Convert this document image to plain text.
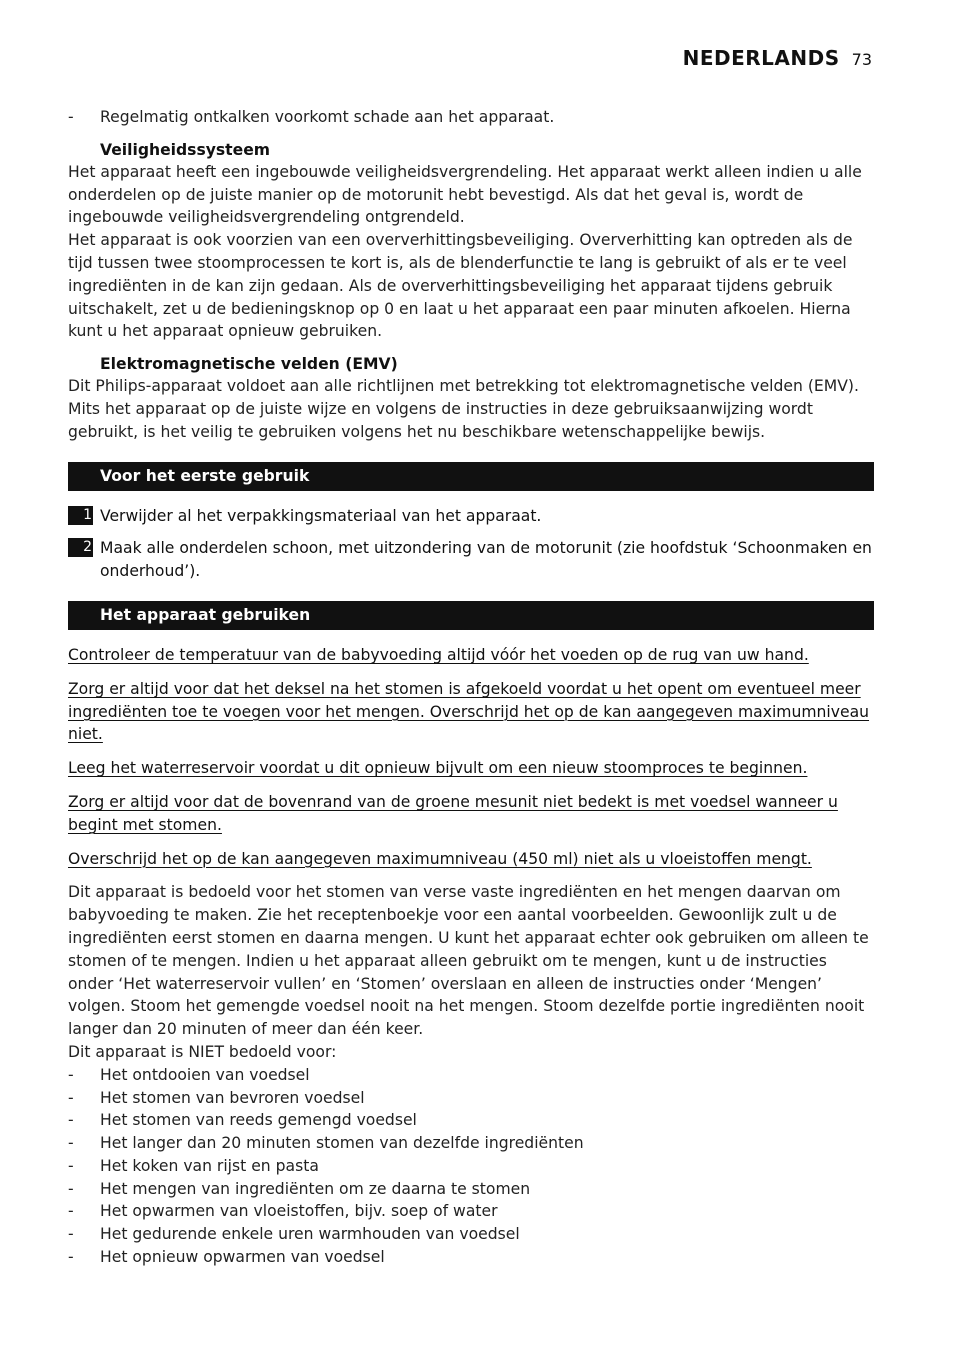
NEDERLANDS 73

- Regelmatig ontkalken voorkomt schade aan het apparaat.

Veiligheidssysteem

Het apparaat heeft een ingebouwde veiligheidsvergrendeling. Het apparaat werkt alleen indien u alle onderdelen op de juiste manier op de motorunit hebt bevestigd. Als dat het geval is, wordt de ingebouwde veiligheidsvergrendeling ontgrendeld.

Het apparaat is ook voorzien van een oververhittingsbeveiliging. Oververhitting kan optreden als de tijd tussen twee stoomprocessen te kort is, als de blenderfunctie te lang is gebruikt of als er te veel ingrediënten in de kan zijn gedaan. Als de oververhittingsbeveiliging het apparaat tijdens gebruik uitschakelt, zet u de bedieningsknop op 0 en laat u het apparaat een paar minuten afkoelen. Hierna kunt u het apparaat opnieuw gebruiken.

Elektromagnetische velden (EMV)

Dit Philips-apparaat voldoet aan alle richtlijnen met betrekking tot elektromagnetische velden (EMV). Mits het apparaat op de juiste wijze en volgens de instructies in deze gebruiksaanwijzing wordt gebruikt, is het veilig te gebruiken volgens het nu beschikbare wetenschappelijke bewijs.

Voor het eerste gebruik
1 Verwijder al het verpakkingsmateriaal van het apparaat.
2 Maak alle onderdelen schoon, met uitzondering van de motorunit (zie hoofdstuk ‘Schoonmaken en onderhoud’).
Het apparaat gebruiken

Controleer de temperatuur van de babyvoeding altijd vóór het voeden op de rug van uw hand.

Zorg er altijd voor dat het deksel na het stomen is afgekoeld voordat u het opent om eventueel meer ingrediënten toe te voegen voor het mengen. Overschrijd het op de kan aangegeven maximumniveau niet.

Leeg het waterreservoir voordat u dit opnieuw bijvult om een nieuw stoomproces te beginnen.

Zorg er altijd voor dat de bovenrand van de groene mesunit niet bedekt is met voedsel wanneer u begint met stomen.

Overschrijd het op de kan aangegeven maximumniveau (450 ml) niet als u vloeistoffen mengt.

Dit apparaat is bedoeld voor het stomen van verse vaste ingrediënten en het mengen daarvan om babyvoeding te maken. Zie het receptenboekje voor een aantal voorbeelden. Gewoonlijk zult u de ingrediënten eerst stomen en daarna mengen. U kunt het apparaat echter ook gebruiken om alleen te stomen of te mengen. Indien u het apparaat alleen gebruikt om te mengen, kunt u de instructies onder ‘Het waterreservoir vullen’ en ‘Stomen’ overslaan en alleen de instructies onder ‘Mengen’ volgen. Stoom het gemengde voedsel nooit na het mengen. Stoom dezelfde portie ingrediënten nooit langer dan 20 minuten of meer dan één keer.

Dit apparaat is NIET bedoeld voor:

- Het ontdooien van voedsel
- Het stomen van bevroren voedsel
- Het stomen van reeds gemengd voedsel
- Het langer dan 20 minuten stomen van dezelfde ingrediënten
- Het koken van rijst en pasta
- Het mengen van ingrediënten om ze daarna te stomen
- Het opwarmen van vloeistoffen, bijv. soep of water
- Het gedurende enkele uren warmhouden van voedsel
- Het opnieuw opwarmen van voedsel
